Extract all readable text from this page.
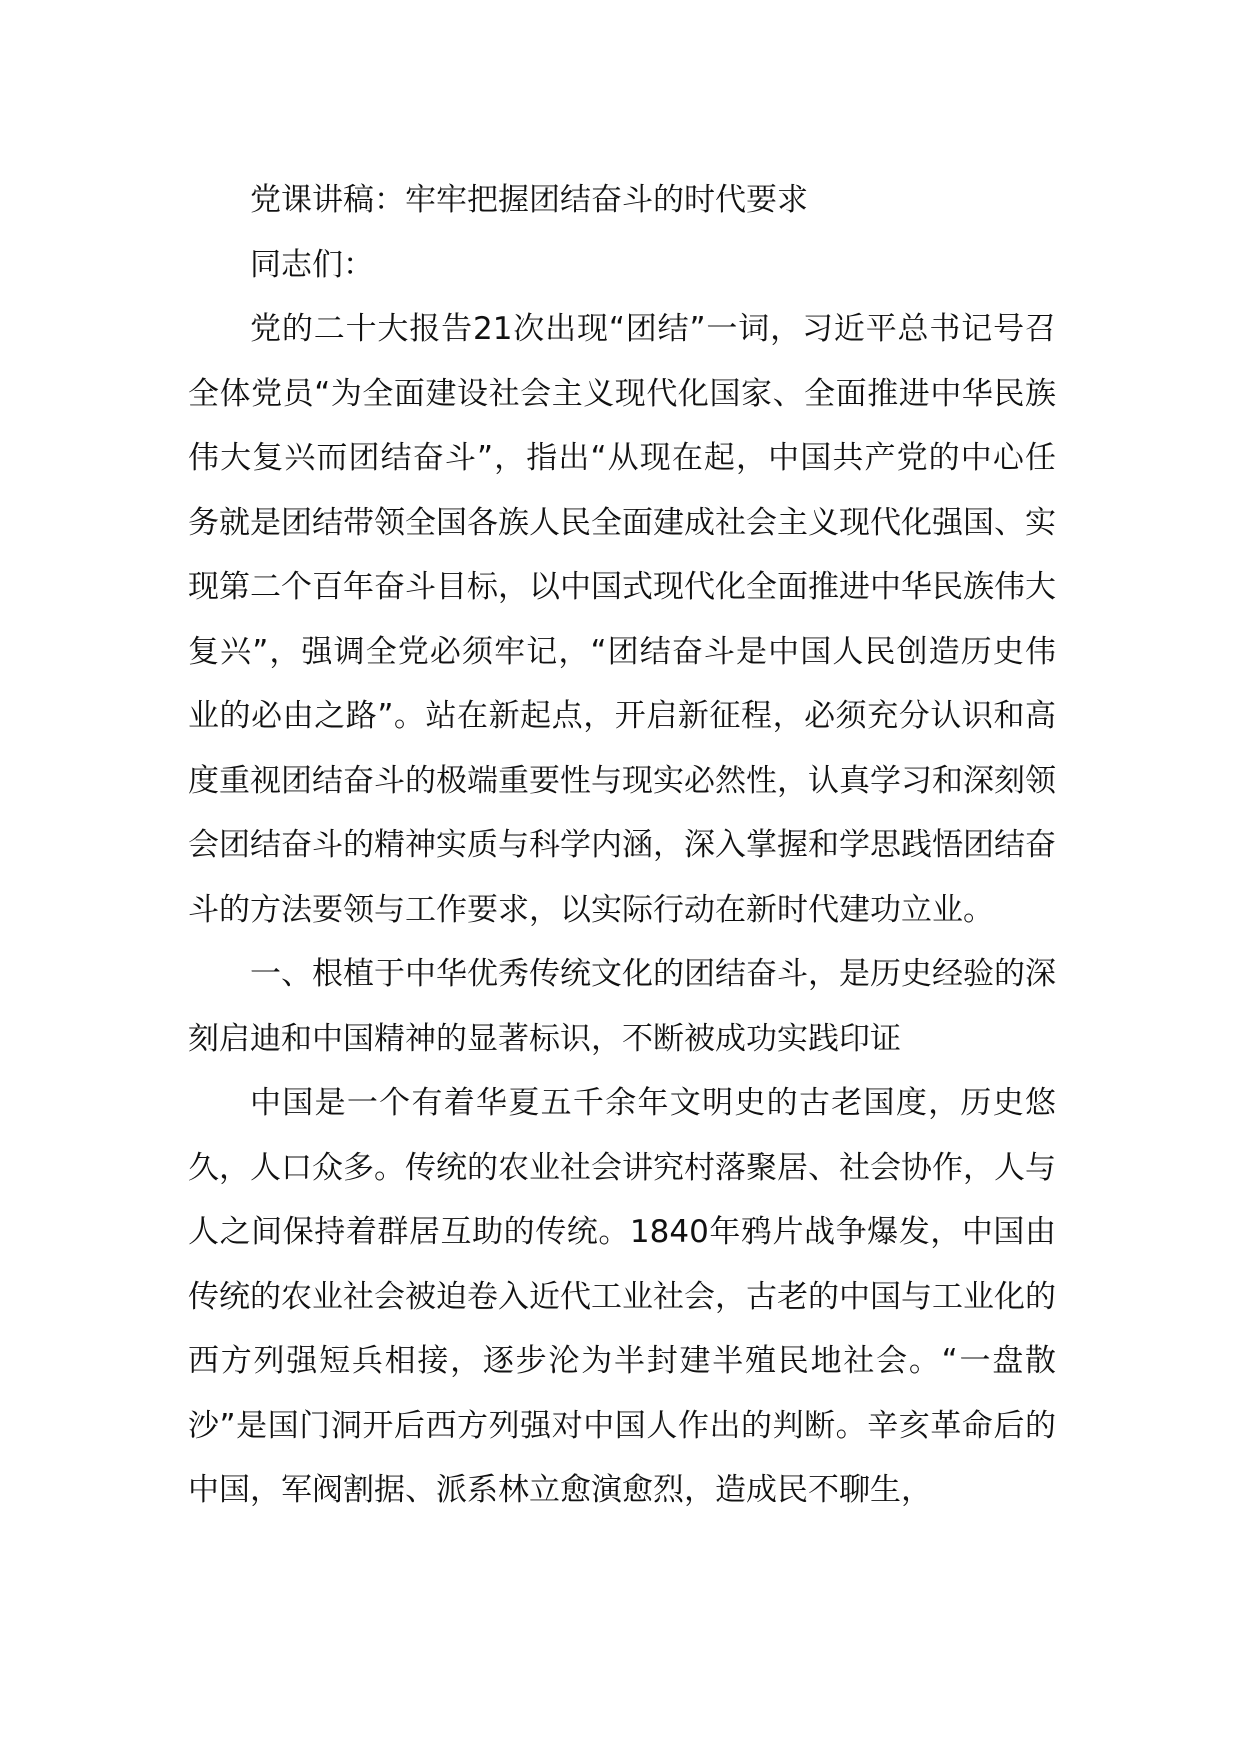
党课讲稿：牢牢把握团结奋斗的时代要求

同志们：

党的二十大报告21次出现“团结”一词，习近平总书记号召全体党员“为全面建设社会主义现代化国家、全面推进中华民族伟大复兴而团结奋斗”，指出“从现在起，中国共产党的中心任务就是团结带领全国各族人民全面建成社会主义现代化强国、实现第二个百年奋斗目标，以中国式现代化全面推进中华民族伟大复兴”，强调全党必须牢记，“团结奋斗是中国人民创造历史伟业的必由之路”。站在新起点，开启新征程，必须充分认识和高度重视团结奋斗的极端重要性与现实必然性，认真学习和深刻领会团结奋斗的精神实质与科学内涵，深入掌握和学思践悟团结奋斗的方法要领与工作要求，以实际行动在新时代建功立业。

一、根植于中华优秀传统文化的团结奋斗，是历史经验的深刻启迪和中国精神的显著标识，不断被成功实践印证

中国是一个有着华夏五千余年文明史的古老国度，历史悠久，人口众多。传统的农业社会讲究村落聚居、社会协作，人与人之间保持着群居互助的传统。1840年鸦片战争爆发，中国由传统的农业社会被迫卷入近代工业社会，古老的中国与工业化的西方列强短兵相接，逐步沦为半封建半殖民地社会。“一盘散沙”是国门洞开后西方列强对中国人作出的判断。辛亥革命后的中国，军阀割据、派系林立愈演愈烈，造成民不聊生，
